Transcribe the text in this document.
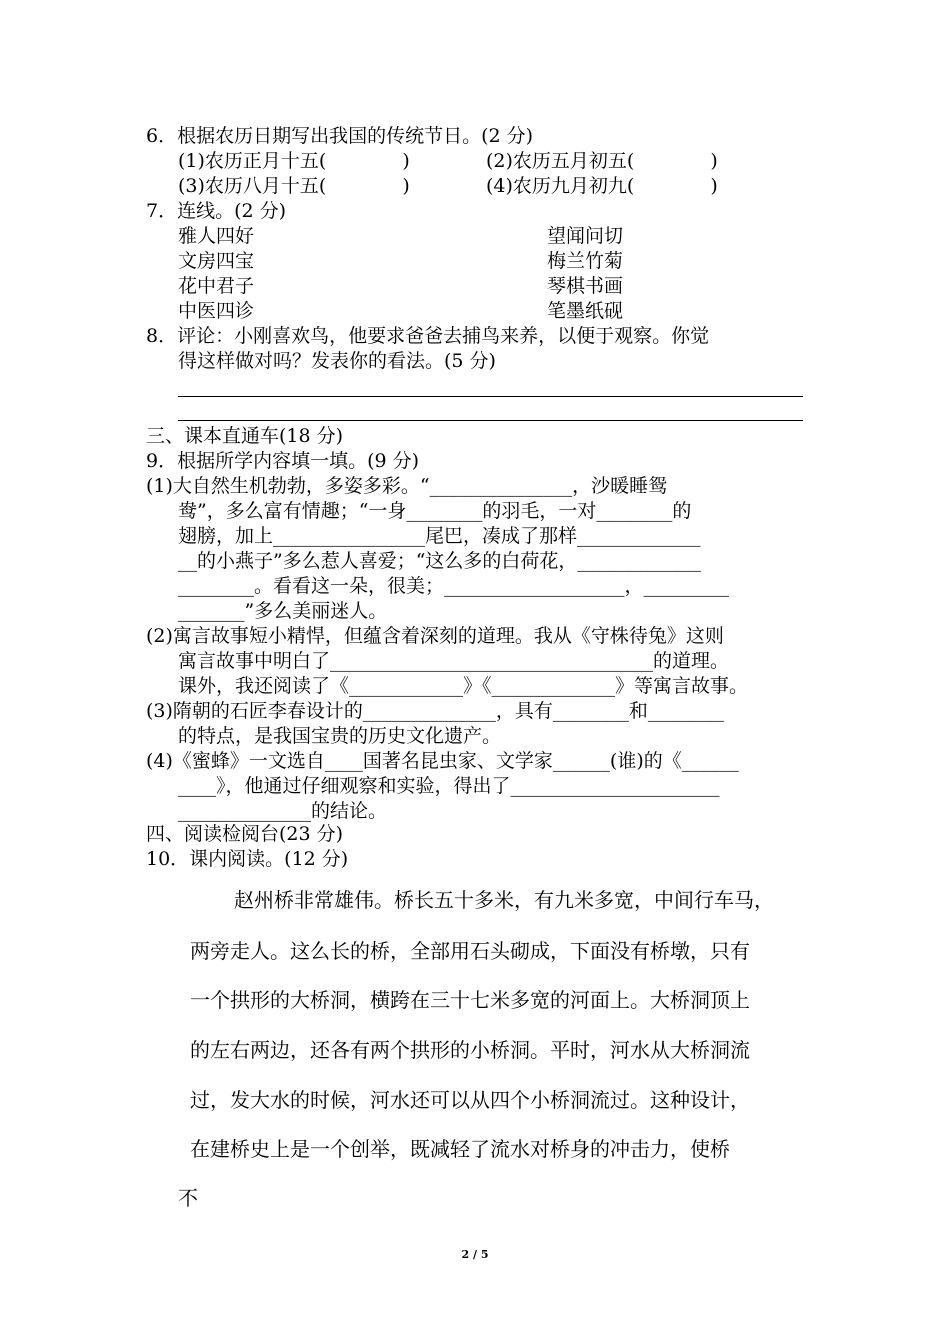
6．根据农历日期写出我国的传统节日。(2 分)
(1)农历正月十五(　　　　)	(2)农历五月初五(　　　　)
(3)农历八月十五(　　　　)	(4)农历九月初九(　　　　)
7．连线。(2 分)
雅人四好	望闻问切
文房四宝	梅兰竹菊
花中君子	琴棋书画
中医四诊	笔墨纸砚
8．评论：小刚喜欢鸟，他要求爸爸去捕鸟来养，以便于观察。你觉
得这样做对吗？发表你的看法。(5 分)
三、课本直通车(18 分)
9．根据所学内容填一填。(9 分)
(1)大自然生机勃勃，多姿多彩。“_______________，沙暖睡鸳
鸯”，多么富有情趣；“一身________的羽毛，一对________的
翅膀，加上________________尾巴，凑成了那样_____________
__的小燕子”多么惹人喜爱；“这么多的白荷花，_____________
________。看看这一朵，很美；___________________，_________
_______”多么美丽迷人。
(2)寓言故事短小精悍，但蕴含着深刻的道理。我从《守株待兔》这则
寓言故事中明白了__________________________________的道理。
课外，我还阅读了《____________》《_____________》等寓言故事。
(3)隋朝的石匠李春设计的______________，具有________和________
的特点，是我国宝贵的历史文化遗产。
(4)《蜜蜂》一文选自____国著名昆虫家、文学家______(谁)的《______
____》，他通过仔细观察和实验，得出了______________________
______________的结论。
四、阅读检阅台(23 分)
10．课内阅读。(12 分)
赵州桥非常雄伟。桥长五十多米，有九米多宽，中间行车马，
两旁走人。这么长的桥，全部用石头砌成，下面没有桥墩，只有
一个拱形的大桥洞，横跨在三十七米多宽的河面上。大桥洞顶上
的左右两边，还各有两个拱形的小桥洞。平时，河水从大桥洞流
过，发大水的时候，河水还可以从四个小桥洞流过。这种设计，
在建桥史上是一个创举，既减轻了流水对桥身的冲击力，使桥
不
2 / 5
